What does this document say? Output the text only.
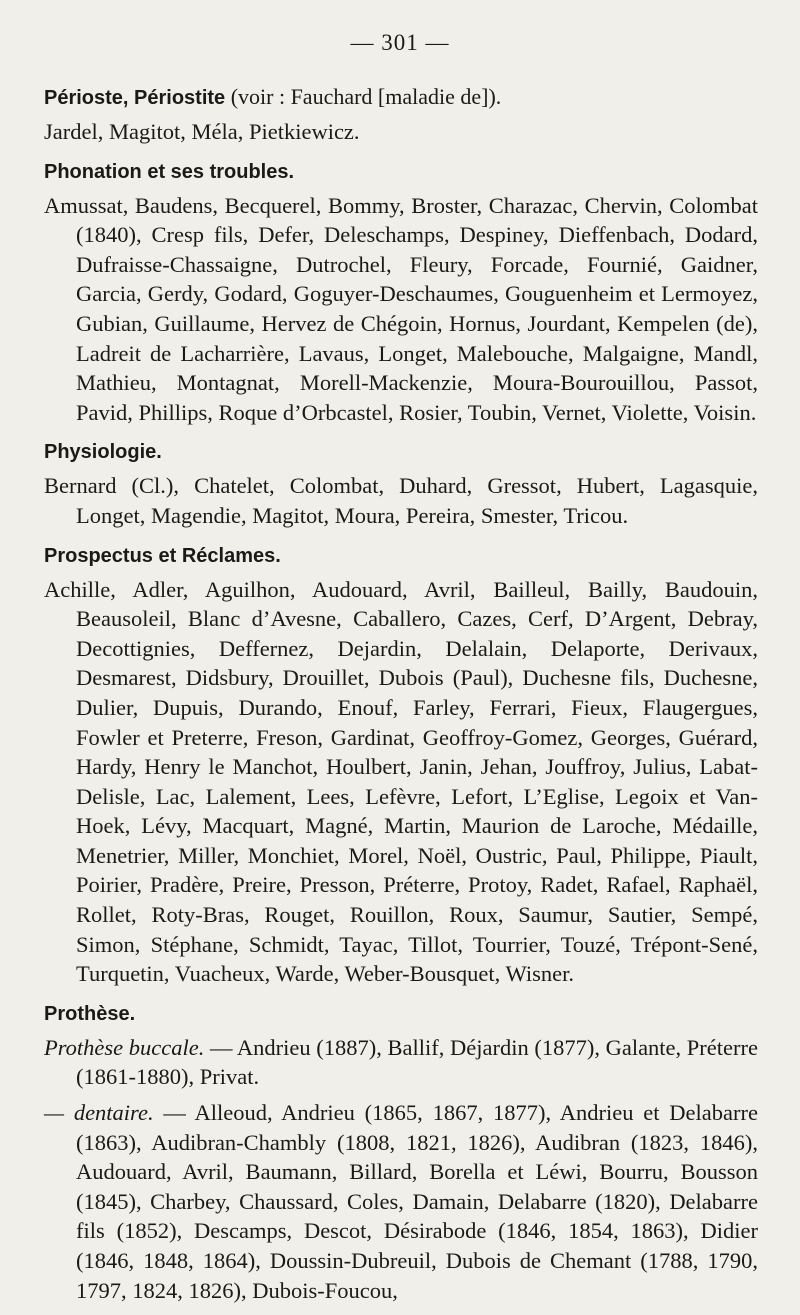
— 301 —
Périoste, Périostite (voir : Fauchard [maladie de]).

Jardel, Magitot, Méla, Pietkiewicz.

Phonation et ses troubles.

Amussat, Baudens, Becquerel, Bommy, Broster, Charazac, Chervin, Colombat (1840), Cresp fils, Defer, Deleschamps, Despiney, Dieffenbach, Dodard, Dufraisse-Chassaigne, Dutrochel, Fleury, Forcade, Fournié, Gaidner, Garcia, Gerdy, Godard, Goguyer-Deschaumes, Gouguenheim et Lermoyez, Gubian, Guillaume, Hervez de Chégoin, Hornus, Jourdant, Kempelen (de), Ladreit de Lacharrière, Lavaus, Longet, Malebouche, Malgaigne, Mandl, Mathieu, Montagnat, Morell-Mackenzie, Moura-Bourouillou, Passot, Pavid, Phillips, Roque d’Orbcastel, Rosier, Toubin, Vernet, Violette, Voisin.

Physiologie.

Bernard (Cl.), Chatelet, Colombat, Duhard, Gressot, Hubert, Lagasquie, Longet, Magendie, Magitot, Moura, Pereira, Smester, Tricou.

Prospectus et Réclames.

Achille, Adler, Aguilhon, Audouard, Avril, Bailleul, Bailly, Baudouin, Beausoleil, Blanc d’Avesne, Caballero, Cazes, Cerf, D’Argent, Debray, Decottignies, Deffernez, Dejardin, Delalain, Delaporte, Derivaux, Desmarest, Didsbury, Drouillet, Dubois (Paul), Duchesne fils, Duchesne, Dulier, Dupuis, Durando, Enouf, Farley, Ferrari, Fieux, Flaugergues, Fowler et Preterre, Freson, Gardinat, Geoffroy-Gomez, Georges, Guérard, Hardy, Henry le Manchot, Houlbert, Janin, Jehan, Jouffroy, Julius, Labat-Delisle, Lac, Lalement, Lees, Lefèvre, Lefort, L’Eglise, Legoix et Van-Hoek, Lévy, Macquart, Magné, Martin, Maurion de Laroche, Médaille, Menetrier, Miller, Monchiet, Morel, Noël, Oustric, Paul, Philippe, Piault, Poirier, Pradère, Preire, Presson, Préterre, Protoy, Radet, Rafael, Raphaël, Rollet, Roty-Bras, Rouget, Rouillon, Roux, Saumur, Sautier, Sempé, Simon, Stéphane, Schmidt, Tayac, Tillot, Tourrier, Touzé, Trépont-Sené, Turquetin, Vuacheux, Warde, Weber-Bousquet, Wisner.

Prothèse.

Prothèse buccale. — Andrieu (1887), Ballif, Déjardin (1877), Galante, Préterre (1861-1880), Privat.

— dentaire. — Alleoud, Andrieu (1865, 1867, 1877), Andrieu et Delabarre (1863), Audibran-Chambly (1808, 1821, 1826), Audibran (1823, 1846), Audouard, Avril, Baumann, Billard, Borella et Léwi, Bourru, Bousson (1845), Charbey, Chaussard, Coles, Damain, Delabarre (1820), Delabarre fils (1852), Descamps, Descot, Désirabode (1846, 1854, 1863), Didier (1846, 1848, 1864), Doussin-Dubreuil, Dubois de Chemant (1788, 1790, 1797, 1824, 1826), Dubois-Foucou,
